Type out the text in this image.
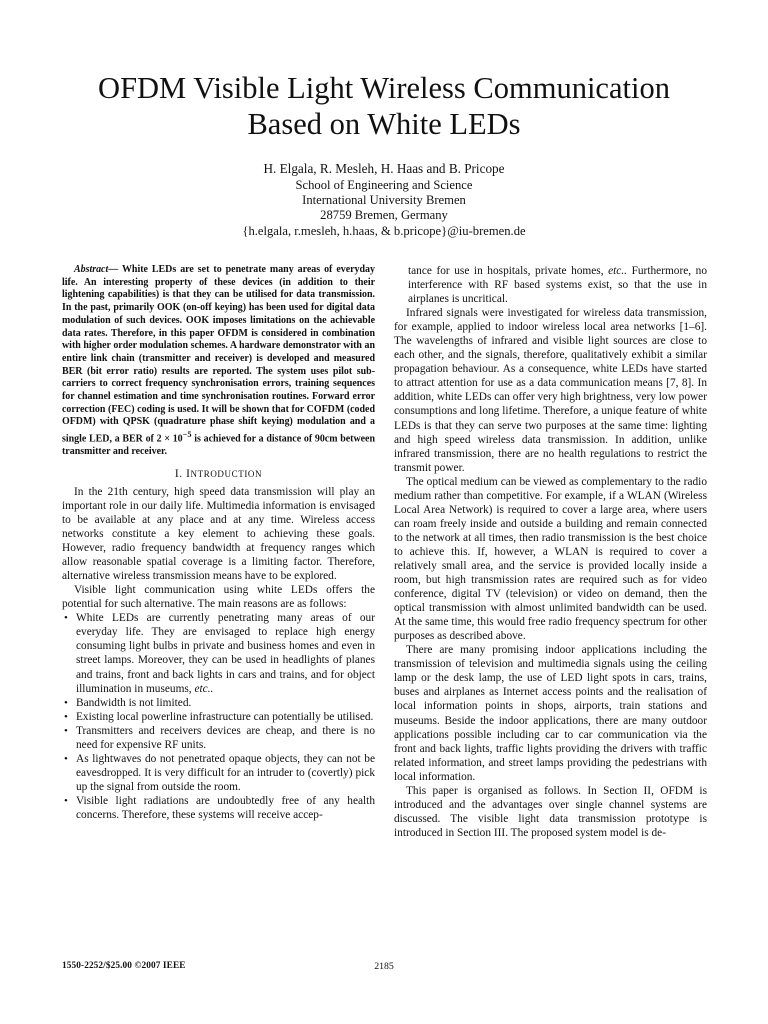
OFDM Visible Light Wireless Communication
Based on White LEDs
H. Elgala, R. Mesleh, H. Haas and B. Pricope
School of Engineering and Science
International University Bremen
28759 Bremen, Germany
{h.elgala, r.mesleh, h.haas, & b.pricope}@iu-bremen.de

Abstract— White LEDs are set to penetrate many areas of everyday life. An interesting property of these devices (in addition to their lightening capabilities) is that they can be utilised for data transmission. In the past, primarily OOK (on-off keying) has been used for digital data modulation of such devices. OOK imposes limitations on the achievable data rates. Therefore, in this paper OFDM is considered in combination with higher order modulation schemes. A hardware demonstrator with an entire link chain (transmitter and receiver) is developed and measured BER (bit error ratio) results are reported. The system uses pilot sub-carriers to correct frequency synchronisation errors, training sequences for channel estimation and time synchronisation routines. Forward error correction (FEC) coding is used. It will be shown that for COFDM (coded OFDM) with QPSK (quadrature phase shift keying) modulation and a single LED, a BER of $2 \times 10^{-5}$ is achieved for a distance of 90cm between transmitter and receiver.

I. INTRODUCTION

In the 21th century, high speed data transmission will play an important role in our daily life. Multimedia information is envisaged to be available at any place and at any time. Wireless access networks constitute a key element to achieving these goals. However, radio frequency bandwidth at frequency ranges which allow reasonable spatial coverage is a limiting factor. Therefore, alternative wireless transmission means have to be explored.

Visible light communication using white LEDs offers the potential for such alternative. The main reasons are as follows:

• White LEDs are currently penetrating many areas of our everyday life. They are envisaged to replace high energy consuming light bulbs in private and business homes and even in street lamps. Moreover, they can be used in headlights of planes and trains, front and back lights in cars and trains, and for object illumination in museums, etc..
• Bandwidth is not limited.
• Existing local powerline infrastructure can potentially be utilised.
• Transmitters and receivers devices are cheap, and there is no need for expensive RF units.
• As lightwaves do not penetrated opaque objects, they can not be eavesdropped. It is very difficult for an intruder to (covertly) pick up the signal from outside the room.
• Visible light radiations are undoubtedly free of any health concerns. Therefore, these systems will receive accep-

tance for use in hospitals, private homes, etc.. Furthermore, no interference with RF based systems exist, so that the use in airplanes is uncritical.

Infrared signals were investigated for wireless data transmission, for example, applied to indoor wireless local area networks [1–6]. The wavelengths of infrared and visible light sources are close to each other, and the signals, therefore, qualitatively exhibit a similar propagation behaviour. As a consequence, white LEDs have started to attract attention for use as a data communication means [7, 8]. In addition, white LEDs can offer very high brightness, very low power consumptions and long lifetime. Therefore, a unique feature of white LEDs is that they can serve two purposes at the same time: lighting and high speed wireless data transmission. In addition, unlike infrared transmission, there are no health regulations to restrict the transmit power.

The optical medium can be viewed as complementary to the radio medium rather than competitive. For example, if a WLAN (Wireless Local Area Network) is required to cover a large area, where users can roam freely inside and outside a building and remain connected to the network at all times, then radio transmission is the best choice to achieve this. If, however, a WLAN is required to cover a relatively small area, and the service is provided locally inside a room, but high transmission rates are required such as for video conference, digital TV (television) or video on demand, then the optical transmission with almost unlimited bandwidth can be used. At the same time, this would free radio frequency spectrum for other purposes as described above.

There are many promising indoor applications including the transmission of television and multimedia signals using the ceiling lamp or the desk lamp, the use of LED light spots in cars, trains, buses and airplanes as Internet access points and the realisation of local information points in shops, airports, train stations and museums. Beside the indoor applications, there are many outdoor applications possible including car to car communication via the front and back lights, traffic lights providing the drivers with traffic related information, and street lamps providing the pedestrians with local information.

This paper is organised as follows. In Section II, OFDM is introduced and the advantages over single channel systems are discussed. The visible light data transmission prototype is introduced in Section III. The proposed system model is de-

1550-2252/$25.00 ©2007 IEEE	2185
